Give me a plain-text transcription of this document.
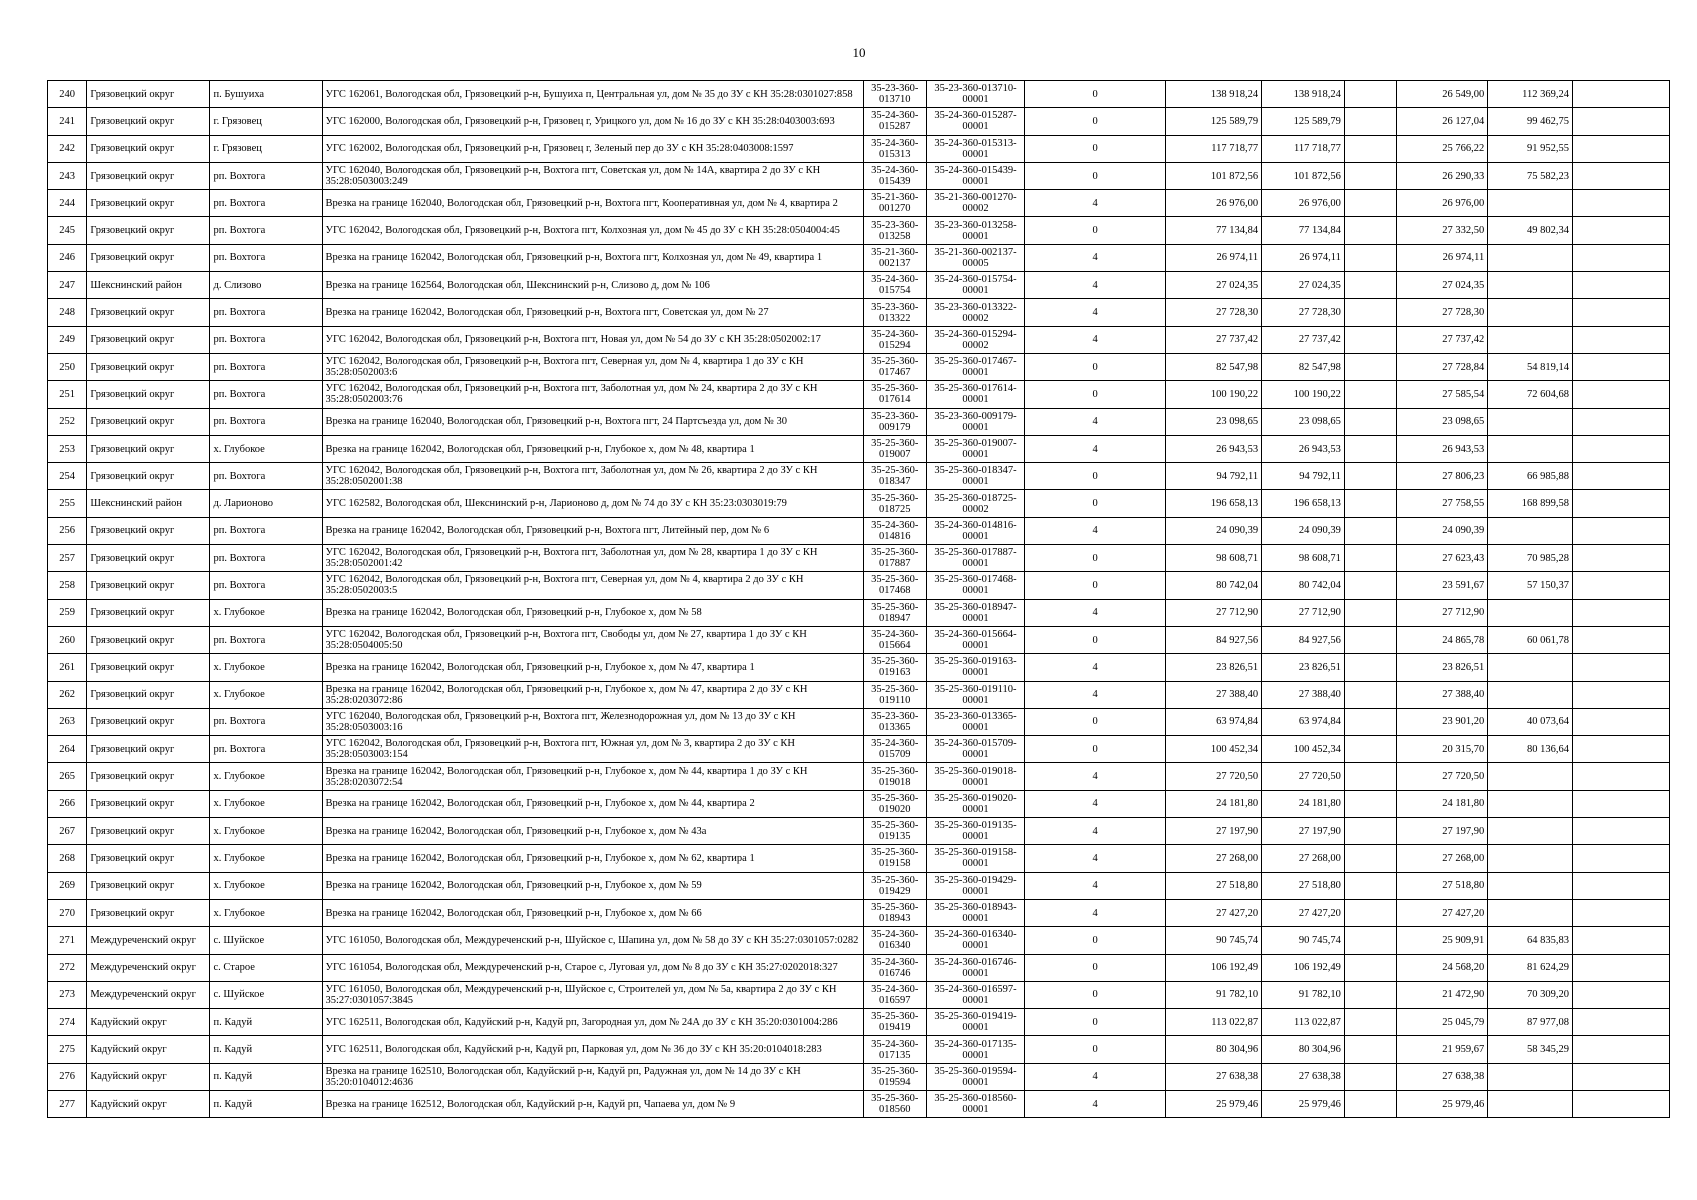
10
240	Грязовецкий округ	п. Бушуиха	УГС 162061, Вологодская обл, Грязовецкий р-н, Бушуиха п, Центральная ул, дом № 35 до ЗУ с КН 35:28:0301027:858	35-23-360-013710	35-23-360-013710-00001	0	138 918,24	138 918,24		26 549,00	112 369,24	
241	Грязовецкий округ	г. Грязовец	УГС 162000, Вологодская обл, Грязовецкий р-н, Грязовец г, Урицкого ул, дом № 16 до ЗУ с КН 35:28:0403003:693	35-24-360-015287	35-24-360-015287-00001	0	125 589,79	125 589,79		26 127,04	99 462,75	
242	Грязовецкий округ	г. Грязовец	УГС 162002, Вологодская обл, Грязовецкий р-н, Грязовец г, Зеленый пер до ЗУ с КН 35:28:0403008:1597	35-24-360-015313	35-24-360-015313-00001	0	117 718,77	117 718,77		25 766,22	91 952,55	
243	Грязовецкий округ	рп. Вохтога	УГС 162040, Вологодская обл, Грязовецкий р-н, Вохтога пгт, Советская ул, дом № 14А, квартира 2 до ЗУ с КН 35:28:0503003:249	35-24-360-015439	35-24-360-015439-00001	0	101 872,56	101 872,56		26 290,33	75 582,23	
244	Грязовецкий округ	рп. Вохтога	Врезка на границе 162040, Вологодская обл, Грязовецкий р-н, Вохтога пгт, Кооперативная ул, дом № 4, квартира 2	35-21-360-001270	35-21-360-001270-00002	4	26 976,00	26 976,00		26 976,00		
245	Грязовецкий округ	рп. Вохтога	УГС 162042, Вологодская обл, Грязовецкий р-н, Вохтога пгт, Колхозная ул, дом № 45 до ЗУ с КН 35:28:0504004:45	35-23-360-013258	35-23-360-013258-00001	0	77 134,84	77 134,84		27 332,50	49 802,34	
246	Грязовецкий округ	рп. Вохтога	Врезка на границе 162042, Вологодская обл, Грязовецкий р-н, Вохтога пгт, Колхозная ул, дом № 49, квартира 1	35-21-360-002137	35-21-360-002137-00005	4	26 974,11	26 974,11		26 974,11		
247	Шекснинский район	д. Слизово	Врезка на границе 162564, Вологодская обл, Шекснинский р-н, Слизово д, дом № 106	35-24-360-015754	35-24-360-015754-00001	4	27 024,35	27 024,35		27 024,35		
248	Грязовецкий округ	рп. Вохтога	Врезка на границе 162042, Вологодская обл, Грязовецкий р-н, Вохтога пгт, Советская ул, дом № 27	35-23-360-013322	35-23-360-013322-00002	4	27 728,30	27 728,30		27 728,30		
249	Грязовецкий округ	рп. Вохтога	УГС 162042, Вологодская обл, Грязовецкий р-н, Вохтога пгт, Новая ул, дом № 54 до ЗУ с КН 35:28:0502002:17	35-24-360-015294	35-24-360-015294-00002	4	27 737,42	27 737,42		27 737,42		
250	Грязовецкий округ	рп. Вохтога	УГС 162042, Вологодская обл, Грязовецкий р-н, Вохтога пгт, Северная ул, дом № 4, квартира 1 до ЗУ с КН 35:28:0502003:6	35-25-360-017467	35-25-360-017467-00001	0	82 547,98	82 547,98		27 728,84	54 819,14	
251	Грязовецкий округ	рп. Вохтога	УГС 162042, Вологодская обл, Грязовецкий р-н, Вохтога пгт, Заболотная ул, дом № 24, квартира 2 до ЗУ с КН 35:28:0502003:76	35-25-360-017614	35-25-360-017614-00001	0	100 190,22	100 190,22		27 585,54	72 604,68	
252	Грязовецкий округ	рп. Вохтога	Врезка на границе 162040, Вологодская обл, Грязовецкий р-н, Вохтога пгт, 24 Партсъезда ул, дом № 30	35-23-360-009179	35-23-360-009179-00001	4	23 098,65	23 098,65		23 098,65		
253	Грязовецкий округ	х. Глубокое	Врезка на границе 162042, Вологодская обл, Грязовецкий р-н, Глубокое х, дом № 48, квартира 1	35-25-360-019007	35-25-360-019007-00001	4	26 943,53	26 943,53		26 943,53		
254	Грязовецкий округ	рп. Вохтога	УГС 162042, Вологодская обл, Грязовецкий р-н, Вохтога пгт, Заболотная ул, дом № 26, квартира 2 до ЗУ с КН 35:28:0502001:38	35-25-360-018347	35-25-360-018347-00001	0	94 792,11	94 792,11		27 806,23	66 985,88	
255	Шекснинский район	д. Ларионово	УГС 162582, Вологодская обл, Шекснинский р-н, Ларионово д, дом № 74 до ЗУ с КН 35:23:0303019:79	35-25-360-018725	35-25-360-018725-00002	0	196 658,13	196 658,13		27 758,55	168 899,58	
256	Грязовецкий округ	рп. Вохтога	Врезка на границе 162042, Вологодская обл, Грязовецкий р-н, Вохтога пгт, Литейный пер, дом № 6	35-24-360-014816	35-24-360-014816-00001	4	24 090,39	24 090,39		24 090,39		
257	Грязовецкий округ	рп. Вохтога	УГС 162042, Вологодская обл, Грязовецкий р-н, Вохтога пгт, Заболотная ул, дом № 28, квартира 1 до ЗУ с КН 35:28:0502001:42	35-25-360-017887	35-25-360-017887-00001	0	98 608,71	98 608,71		27 623,43	70 985,28	
258	Грязовецкий округ	рп. Вохтога	УГС 162042, Вологодская обл, Грязовецкий р-н, Вохтога пгт, Северная ул, дом № 4, квартира 2 до ЗУ с КН 35:28:0502003:5	35-25-360-017468	35-25-360-017468-00001	0	80 742,04	80 742,04		23 591,67	57 150,37	
259	Грязовецкий округ	х. Глубокое	Врезка на границе 162042, Вологодская обл, Грязовецкий р-н, Глубокое х, дом № 58	35-25-360-018947	35-25-360-018947-00001	4	27 712,90	27 712,90		27 712,90		
260	Грязовецкий округ	рп. Вохтога	УГС 162042, Вологодская обл, Грязовецкий р-н, Вохтога пгт, Свободы ул, дом № 27, квартира 1 до ЗУ с КН 35:28:0504005:50	35-24-360-015664	35-24-360-015664-00001	0	84 927,56	84 927,56		24 865,78	60 061,78	
261	Грязовецкий округ	х. Глубокое	Врезка на границе 162042, Вологодская обл, Грязовецкий р-н, Глубокое х, дом № 47, квартира 1	35-25-360-019163	35-25-360-019163-00001	4	23 826,51	23 826,51		23 826,51		
262	Грязовецкий округ	х. Глубокое	Врезка на границе 162042, Вологодская обл, Грязовецкий р-н, Глубокое х, дом № 47, квартира 2 до ЗУ с КН 35:28:0203072:86	35-25-360-019110	35-25-360-019110-00001	4	27 388,40	27 388,40		27 388,40		
263	Грязовецкий округ	рп. Вохтога	УГС 162040, Вологодская обл, Грязовецкий р-н, Вохтога пгт, Железнодорожная ул, дом № 13 до ЗУ с КН 35:28:0503003:16	35-23-360-013365	35-23-360-013365-00001	0	63 974,84	63 974,84		23 901,20	40 073,64	
264	Грязовецкий округ	рп. Вохтога	УГС 162042, Вологодская обл, Грязовецкий р-н, Вохтога пгт, Южная ул, дом № 3, квартира 2 до ЗУ с КН 35:28:0503003:154	35-24-360-015709	35-24-360-015709-00001	0	100 452,34	100 452,34		20 315,70	80 136,64	
265	Грязовецкий округ	х. Глубокое	Врезка на границе 162042, Вологодская обл, Грязовецкий р-н, Глубокое х, дом № 44, квартира 1 до ЗУ с КН 35:28:0203072:54	35-25-360-019018	35-25-360-019018-00001	4	27 720,50	27 720,50		27 720,50		
266	Грязовецкий округ	х. Глубокое	Врезка на границе 162042, Вологодская обл, Грязовецкий р-н, Глубокое х, дом № 44, квартира 2	35-25-360-019020	35-25-360-019020-00001	4	24 181,80	24 181,80		24 181,80		
267	Грязовецкий округ	х. Глубокое	Врезка на границе 162042, Вологодская обл, Грязовецкий р-н, Глубокое х, дом № 43а	35-25-360-019135	35-25-360-019135-00001	4	27 197,90	27 197,90		27 197,90		
268	Грязовецкий округ	х. Глубокое	Врезка на границе 162042, Вологодская обл, Грязовецкий р-н, Глубокое х, дом № 62, квартира 1	35-25-360-019158	35-25-360-019158-00001	4	27 268,00	27 268,00		27 268,00		
269	Грязовецкий округ	х. Глубокое	Врезка на границе 162042, Вологодская обл, Грязовецкий р-н, Глубокое х, дом № 59	35-25-360-019429	35-25-360-019429-00001	4	27 518,80	27 518,80		27 518,80		
270	Грязовецкий округ	х. Глубокое	Врезка на границе 162042, Вологодская обл, Грязовецкий р-н, Глубокое х, дом № 66	35-25-360-018943	35-25-360-018943-00001	4	27 427,20	27 427,20		27 427,20		
271	Междуреченский округ	с. Шуйское	УГС 161050, Вологодская обл, Междуреченский р-н, Шуйское с, Шапина ул, дом № 58 до ЗУ с КН 35:27:0301057:0282	35-24-360-016340	35-24-360-016340-00001	0	90 745,74	90 745,74		25 909,91	64 835,83	
272	Междуреченский округ	с. Старое	УГС 161054, Вологодская обл, Междуреченский р-н, Старое с, Луговая ул, дом № 8 до ЗУ с КН 35:27:0202018:327	35-24-360-016746	35-24-360-016746-00001	0	106 192,49	106 192,49		24 568,20	81 624,29	
273	Междуреченский округ	с. Шуйское	УГС 161050, Вологодская обл, Междуреченский р-н, Шуйское с, Строителей ул, дом № 5а, квартира 2 до ЗУ с КН 35:27:0301057:3845	35-24-360-016597	35-24-360-016597-00001	0	91 782,10	91 782,10		21 472,90	70 309,20	
274	Кадуйский округ	п. Кадуй	УГС 162511, Вологодская обл, Кадуйский р-н, Кадуй рп, Загородная ул, дом № 24А до ЗУ с КН 35:20:0301004:286	35-25-360-019419	35-25-360-019419-00001	0	113 022,87	113 022,87		25 045,79	87 977,08	
275	Кадуйский округ	п. Кадуй	УГС 162511, Вологодская обл, Кадуйский р-н, Кадуй рп, Парковая ул, дом № 36 до ЗУ с КН 35:20:0104018:283	35-24-360-017135	35-24-360-017135-00001	0	80 304,96	80 304,96		21 959,67	58 345,29	
276	Кадуйский округ	п. Кадуй	Врезка на границе 162510, Вологодская обл, Кадуйский р-н, Кадуй рп, Радужная ул, дом № 14 до ЗУ с КН 35:20:0104012:4636	35-25-360-019594	35-25-360-019594-00001	4	27 638,38	27 638,38		27 638,38		
277	Кадуйский округ	п. Кадуй	Врезка на границе 162512, Вологодская обл, Кадуйский р-н, Кадуй рп, Чапаева ул, дом № 9	35-25-360-018560	35-25-360-018560-00001	4	25 979,46	25 979,46		25 979,46		
